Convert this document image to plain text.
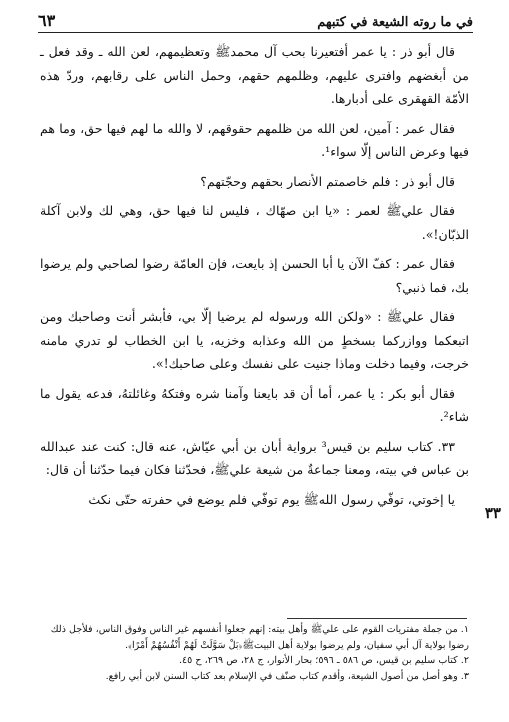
في ما روته الشيعة في كتبهم
٦٣

قال أبو ذر : يا عمر أفتعيرنا بحب آل محمدﷺ وتعظيمهم، لعن الله ـ وقد فعل ـ من أبغضهم وافترى عليهم، وظلمهم حقهم، وحمل الناس على رقابهم، وردّ هذه الأمّة القهقرى على أدبارها.

فقال عمر : آمين، لعن الله من ظلمهم حقوقهم، لا والله ما لهم فيها حق، وما هم فيها وعرض الناس إلّا سواء¹.

قال أبو ذر : فلم خاصمتم الأنصار بحقهم وحجّتهم؟

فقال عليﷺ لعمر : «يا ابن صهّاك ، فليس لنا فيها حق، وهي لك ولابن آكلة الذبّان!».

فقال عمر : كفّ الآن يا أبا الحسن إذ بايعت، فإن العامّة رضوا لصاحبي ولم يرضوا بك، فما ذنبي؟

فقال عليﷺ : «ولكن الله ورسوله لم يرضيا إلّا بي، فأبشر أنت وصاحبك ومن اتبعكما ووازركما بسخطٍ من الله وعذابه وخزيه، يا ابن الخطاب لو تدري مامنه خرجت، وفيما دخلت وماذا جنيت على نفسك وعلى صاحبك!».

فقال أبو بكر : يا عمر، أما أن قد بايعنا وآمنا شره وفتكهُ وغائلتهُ، فدعه يقول ما شاء².

٣٣. كتاب سليم بن قيس³ برواية أبان بن أبي عيّاش، عنه قال: كنت عند عبدالله بن عباس في بيته، ومعنا جماعةٌ من شيعة عليﷺ، فحدّثنا فكان فيما حدّثنا أن قال:

يا إخوتي، توفّي رسول اللهﷺ يوم توفّي فلم يوضع في حفرته حتّى نكث

٣٣

١. من جملة مفتريات القوم على عليﷺ وأهل بيته: إنهم جعلوا أنفسهم غير الناس وفوق الناس، فلأجل ذلك رضوا بولاية آل أبي سفيان، ولم يرضوا بولاية أهل البيتﷺ﴿بَلْ سَوَّلَتْ لَهُمْ أَنْفُسُهُمْ أَمْرًا﴾.

٢. كتاب سليم بن قيس، ص ٥٨٦ ـ ٥٩٦؛ بحار الأنوار، ج ٢٨، ص ٢٦٩، ح ٤٥.

٣. وهو أصل من أصول الشيعة، وأقدم كتاب صنّف في الإسلام بعد كتاب السنن لابن أبي رافع.
